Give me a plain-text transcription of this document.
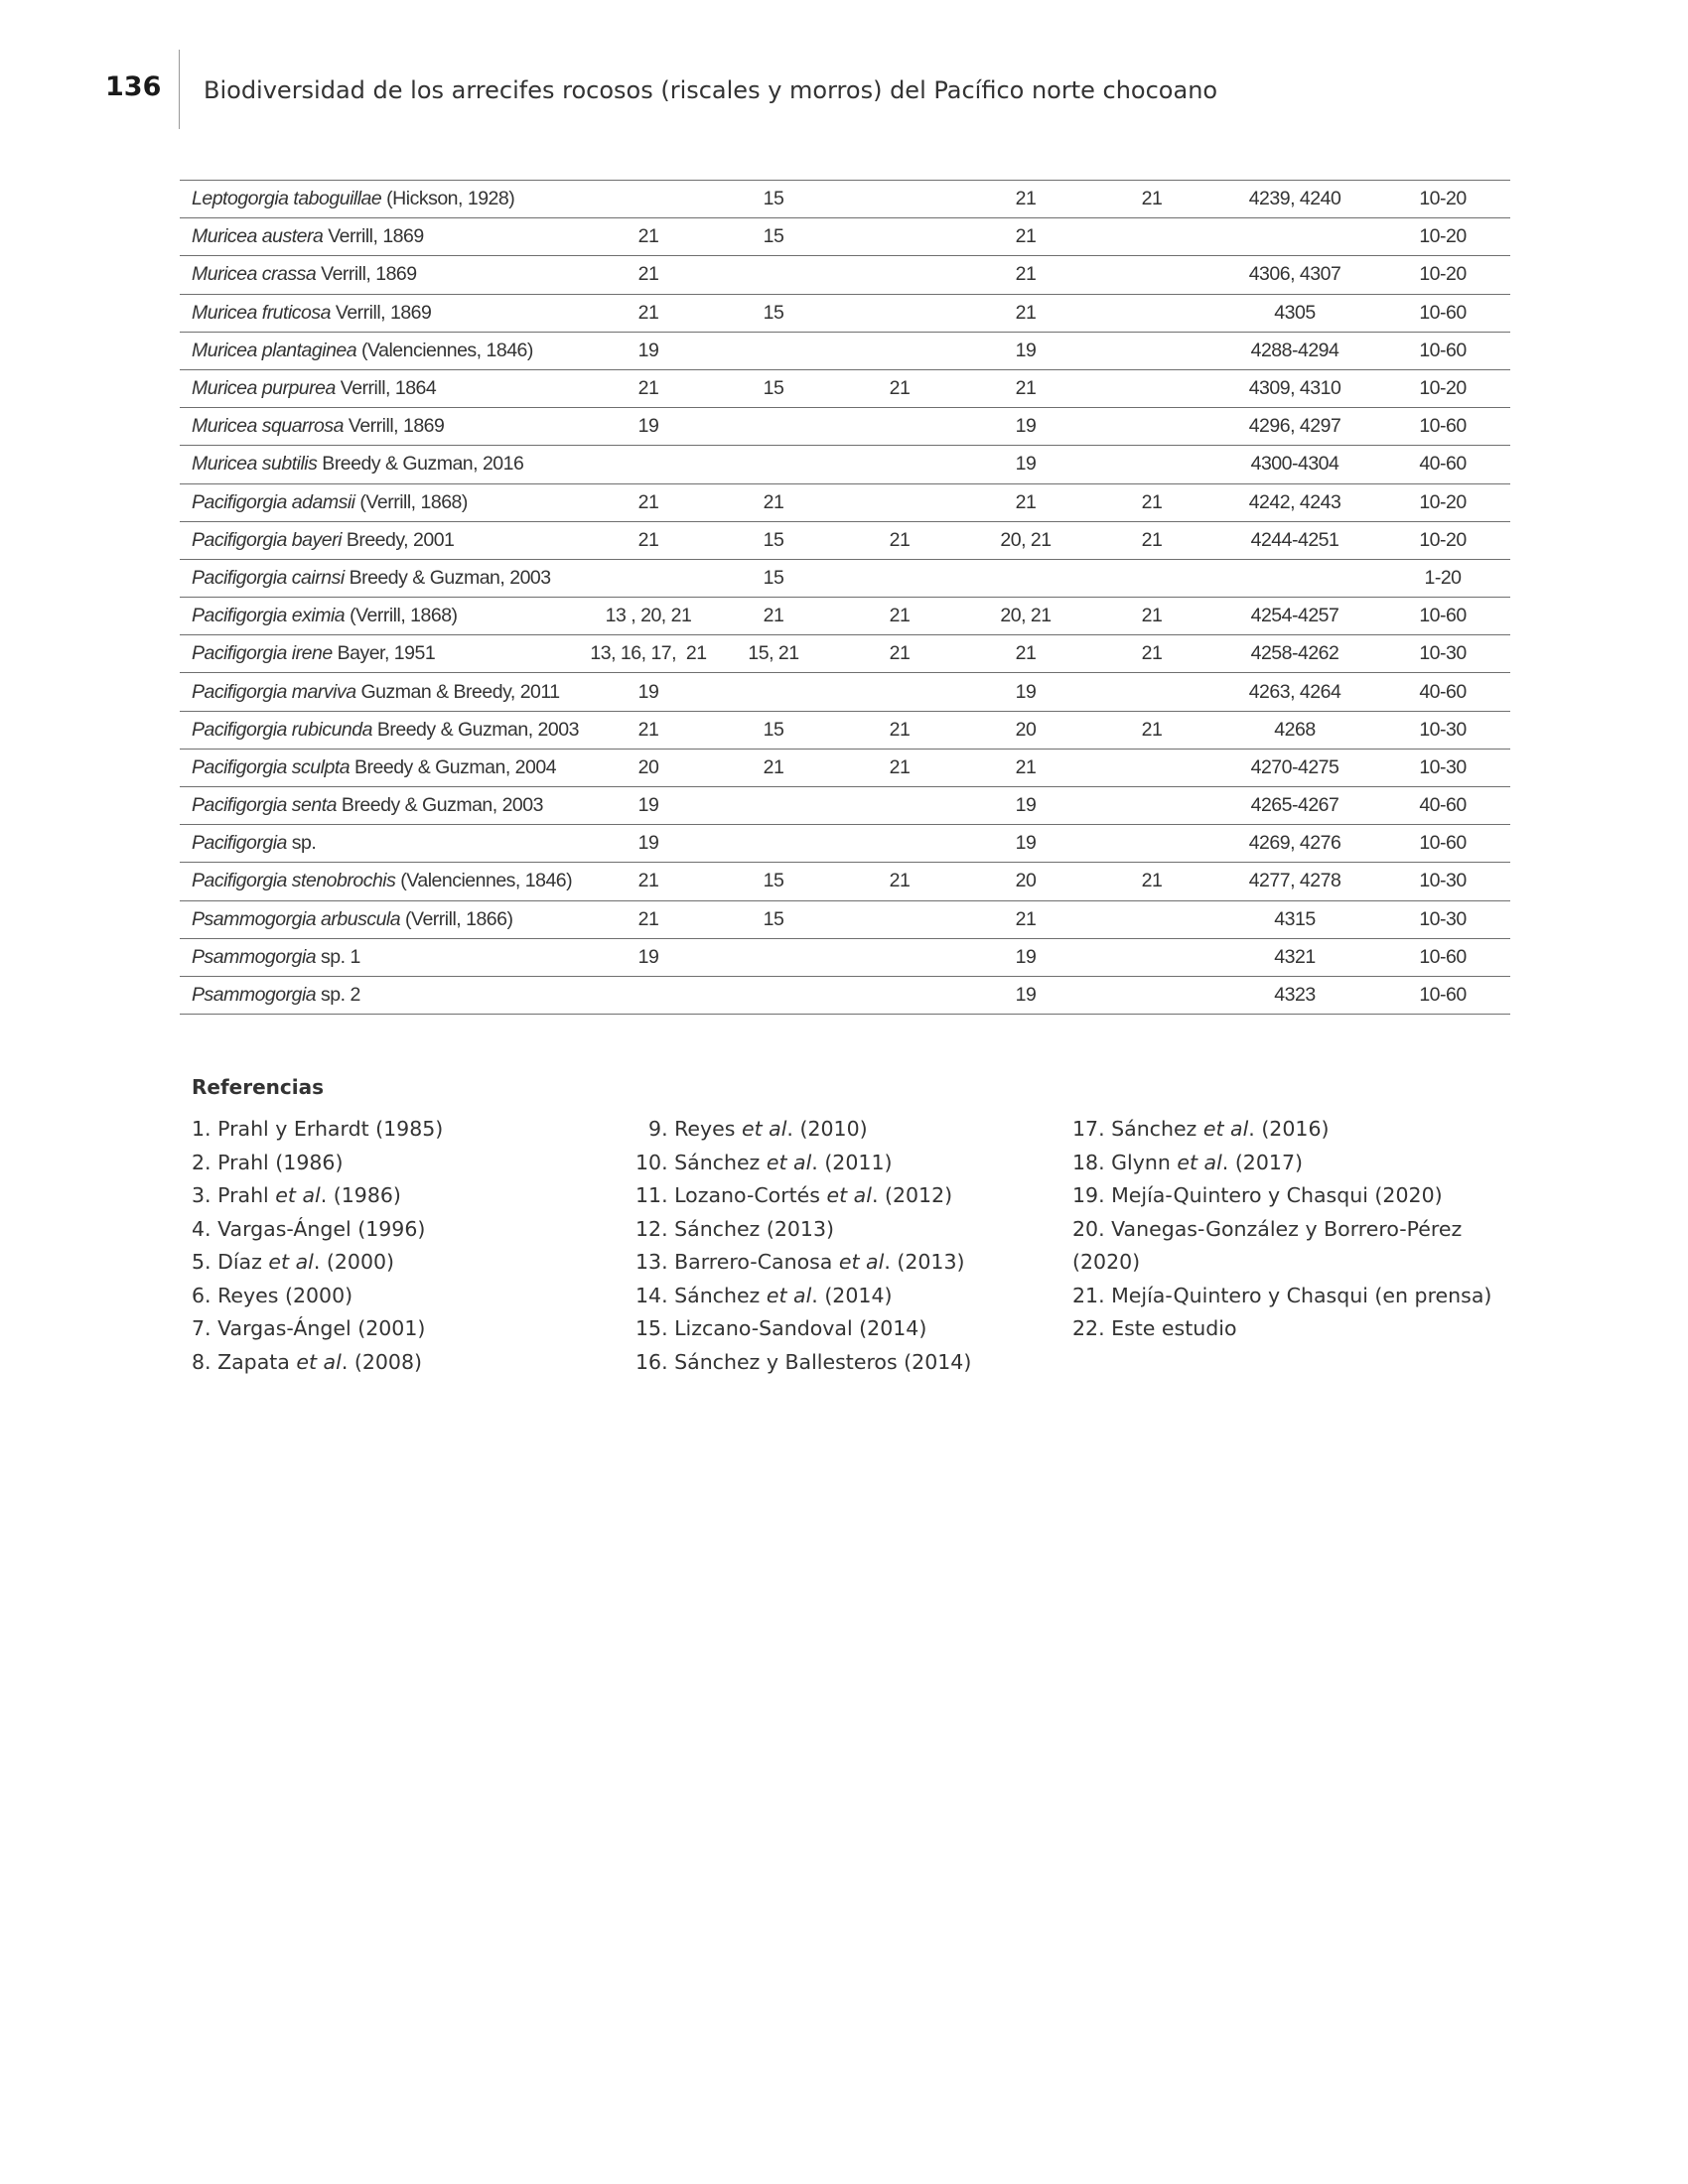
136 Biodiversidad de los arrecifes rocosos (riscales y morros) del Pacífico norte chocoano
Leptogorgia taboguillae (Hickson, 1928)		15		21	21	4239, 4240	10-20
Muricea austera Verrill, 1869	21	15		21			10-20
Muricea crassa Verrill, 1869	21			21		4306, 4307	10-20
Muricea fruticosa Verrill, 1869	21	15		21		4305	10-60
Muricea plantaginea (Valenciennes, 1846)	19			19		4288-4294	10-60
Muricea purpurea Verrill, 1864	21	15	21	21		4309, 4310	10-20
Muricea squarrosa Verrill, 1869	19			19		4296, 4297	10-60
Muricea subtilis Breedy & Guzman, 2016				19		4300-4304	40-60
Pacifigorgia adamsii (Verrill, 1868)	21	21		21	21	4242, 4243	10-20
Pacifigorgia bayeri Breedy, 2001	21	15	21	20, 21	21	4244-4251	10-20
Pacifigorgia cairnsi Breedy & Guzman, 2003		15					1-20
Pacifigorgia eximia (Verrill, 1868)	13 , 20, 21	21	21	20, 21	21	4254-4257	10-60
Pacifigorgia irene Bayer, 1951	13, 16, 17,  21	15, 21	21	21	21	4258-4262	10-30
Pacifigorgia marviva Guzman & Breedy, 2011	19			19		4263, 4264	40-60
Pacifigorgia rubicunda Breedy & Guzman, 2003	21	15	21	20	21	4268	10-30
Pacifigorgia sculpta Breedy & Guzman, 2004	20	21	21	21		4270-4275	10-30
Pacifigorgia senta Breedy & Guzman, 2003	19			19		4265-4267	40-60
Pacifigorgia sp.	19			19		4269, 4276	10-60
Pacifigorgia stenobrochis (Valenciennes, 1846)	21	15	21	20	21	4277, 4278	10-30
Psammogorgia arbuscula (Verrill, 1866)	21	15		21		4315	10-30
Psammogorgia sp. 1	19			19		4321	10-60
Psammogorgia sp. 2				19		4323	10-60
Referencias
1. Prahl y Erhardt (1985)
2. Prahl (1986)
3. Prahl et al. (1986)
4. Vargas-Ángel (1996)
5. Díaz et al. (2000)
6. Reyes (2000)
7. Vargas-Ángel (2001)
8. Zapata et al. (2008)
9. Reyes et al. (2010)
10. Sánchez et al. (2011)
11. Lozano-Cortés et al. (2012)
12. Sánchez (2013)
13. Barrero-Canosa et al. (2013)
14. Sánchez et al. (2014)
15. Lizcano-Sandoval (2014)
16. Sánchez y Ballesteros (2014)
17. Sánchez et al. (2016)
18. Glynn et al. (2017)
19. Mejía-Quintero y Chasqui (2020)
20. Vanegas-González y Borrero-Pérez
(2020)
21. Mejía-Quintero y Chasqui (en prensa)
22. Este estudio
